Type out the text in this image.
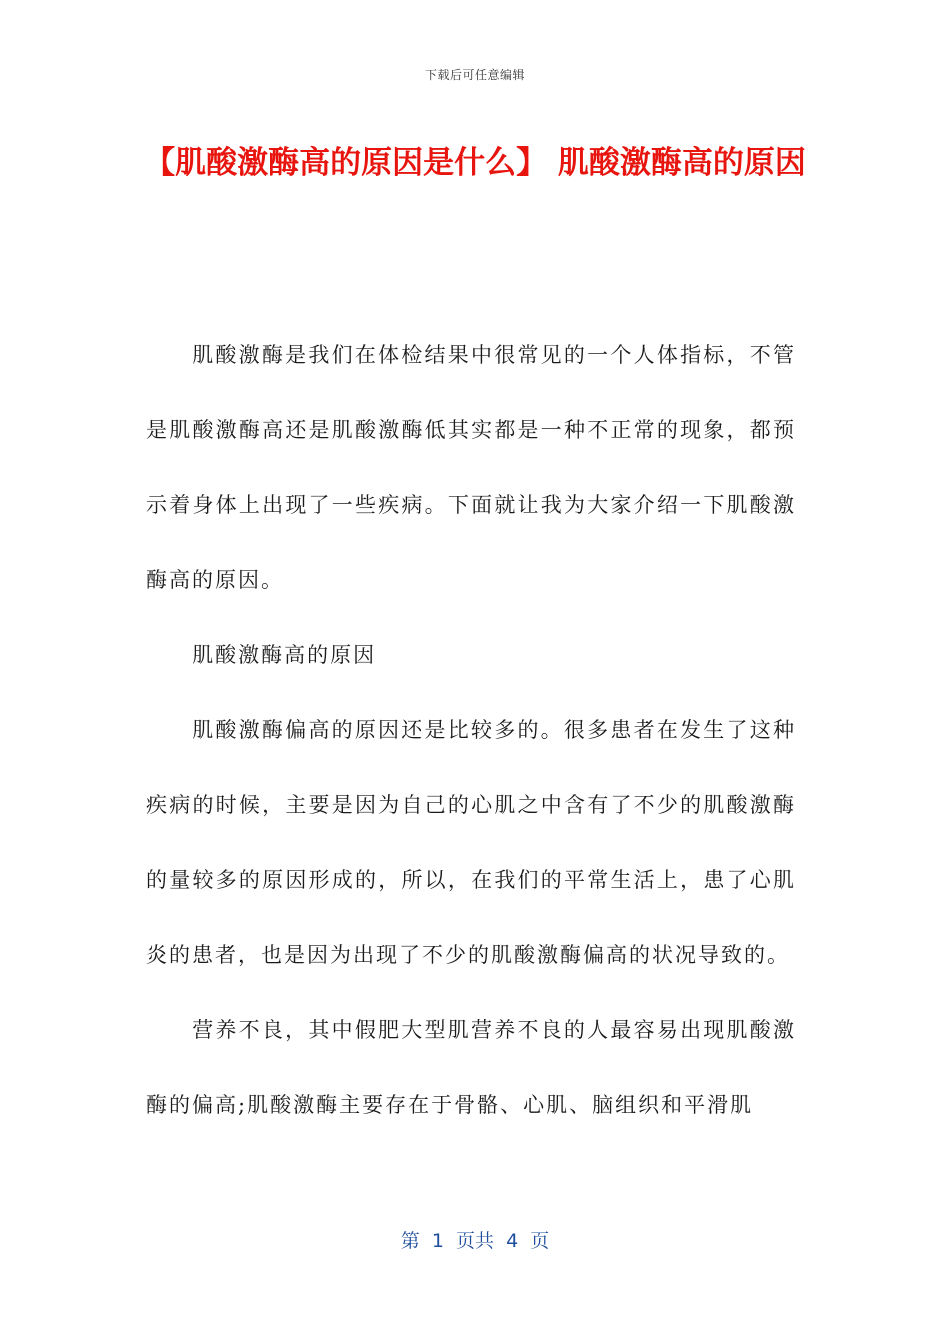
下载后可任意编辑
【肌酸激酶高的原因是什么】 肌酸激酶高的原因

肌酸激酶是我们在体检结果中很常见的一个人体指标，不管是肌酸激酶高还是肌酸激酶低其实都是一种不正常的现象，都预示着身体上出现了一些疾病。下面就让我为大家介绍一下肌酸激酶高的原因。

肌酸激酶高的原因

肌酸激酶偏高的原因还是比较多的。很多患者在发生了这种疾病的时候，主要是因为自己的心肌之中含有了不少的肌酸激酶的量较多的原因形成的，所以，在我们的平常生活上，患了心肌炎的患者，也是因为出现了不少的肌酸激酶偏高的状况导致的。

营养不良，其中假肥大型肌营养不良的人最容易出现肌酸激酶的偏高;肌酸激酶主要存在于骨骼、心肌、脑组织和平滑肌

第  1  页共  4  页
